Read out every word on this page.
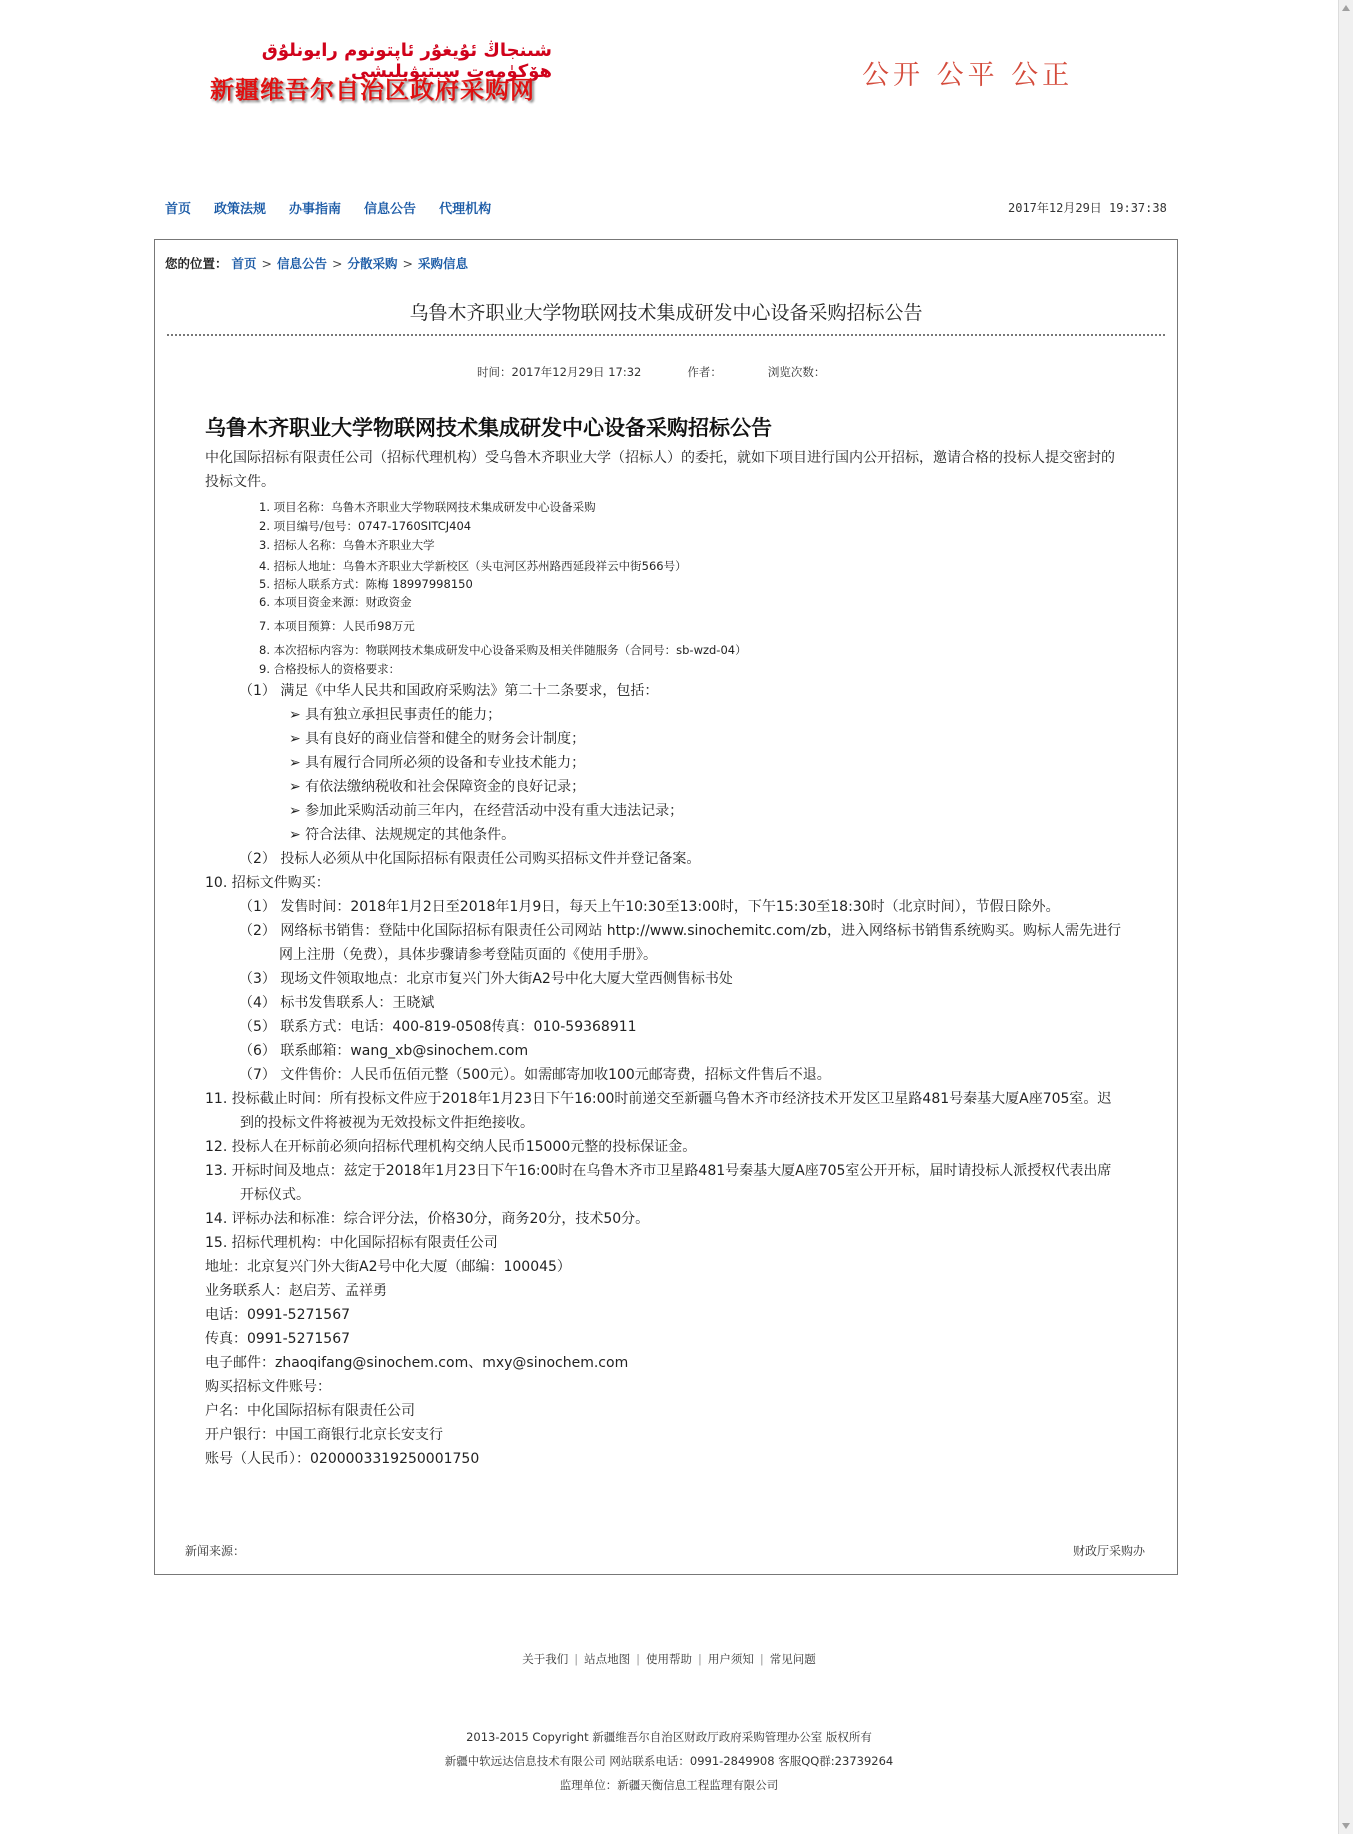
شىنجاڭ ئۇيغۇر ئاپتونوم رايونلۇق ھۆكۈمەت سېتىۋېلىشى
新疆维吾尔自治区政府采购网	公开 公平 公正
首页 政策法规 办事指南 信息公告 代理机构	2017年12月29日 19:37:38
您的位置： 首页 > 信息公告 > 分散采购 > 采购信息
乌鲁木齐职业大学物联网技术集成研发中心设备采购招标公告
时间：2017年12月29日 17:32	作者：	浏览次数：
乌鲁木齐职业大学物联网技术集成研发中心设备采购招标公告
中化国际招标有限责任公司（招标代理机构）受乌鲁木齐职业大学（招标人）的委托，就如下项目进行国内公开招标，邀请合格的投标人提交密封的投标文件。
1. 项目名称：乌鲁木齐职业大学物联网技术集成研发中心设备采购
2. 项目编号/包号：0747-1760SITCJ404
3. 招标人名称：乌鲁木齐职业大学
4. 招标人地址：乌鲁木齐职业大学新校区（头屯河区苏州路西延段祥云中街566号）
5. 招标人联系方式：陈梅 18997998150
6. 本项目资金来源：财政资金
7. 本项目预算：人民币98万元
8. 本次招标内容为：物联网技术集成研发中心设备采购及相关伴随服务（合同号：sb-wzd-04）
9. 合格投标人的资格要求：
（1） 满足《中华人民共和国政府采购法》第二十二条要求，包括：
➢ 具有独立承担民事责任的能力；
➢ 具有良好的商业信誉和健全的财务会计制度；
➢ 具有履行合同所必须的设备和专业技术能力；
➢ 有依法缴纳税收和社会保障资金的良好记录；
➢ 参加此采购活动前三年内，在经营活动中没有重大违法记录；
➢ 符合法律、法规规定的其他条件。
（2） 投标人必须从中化国际招标有限责任公司购买招标文件并登记备案。
10. 招标文件购买：
（1） 发售时间：2018年1月2日至2018年1月9日，每天上午10:30至13:00时，下午15:30至18:30时（北京时间），节假日除外。
（2） 网络标书销售：登陆中化国际招标有限责任公司网站 http://www.sinochemitc.com/zb，进入网络标书销售系统购买。购标人需先进行网上注册（免费），具体步骤请参考登陆页面的《使用手册》。
（3） 现场文件领取地点：北京市复兴门外大街A2号中化大厦大堂西侧售标书处
（4） 标书发售联系人：王晓斌
（5） 联系方式：电话：400-819-0508传真：010-59368911
（6） 联系邮箱：wang_xb@sinochem.com
（7） 文件售价：人民币伍佰元整（500元）。如需邮寄加收100元邮寄费，招标文件售后不退。
11. 投标截止时间：所有投标文件应于2018年1月23日下午16:00时前递交至新疆乌鲁木齐市经济技术开发区卫星路481号秦基大厦A座705室。迟到的投标文件将被视为无效投标文件拒绝接收。
12. 投标人在开标前必须向招标代理机构交纳人民币15000元整的投标保证金。
13. 开标时间及地点：兹定于2018年1月23日下午16:00时在乌鲁木齐市卫星路481号秦基大厦A座705室公开开标，届时请投标人派授权代表出席开标仪式。
14. 评标办法和标准：综合评分法，价格30分，商务20分，技术50分。
15. 招标代理机构：中化国际招标有限责任公司
地址：北京复兴门外大街A2号中化大厦（邮编：100045）
业务联系人：赵启芳、孟祥勇
电话：0991-5271567
传真：0991-5271567
电子邮件：zhaoqifang@sinochem.com、mxy@sinochem.com
购买招标文件账号：
户名：中化国际招标有限责任公司
开户银行：中国工商银行北京长安支行
账号（人民币）：0200003319250001750
新闻来源：	财政厅采购办
关于我们 | 站点地图 | 使用帮助 | 用户须知 | 常见问题
2013-2015 Copyright 新疆维吾尔自治区财政厅政府采购管理办公室 版权所有
新疆中软远达信息技术有限公司 网站联系电话：0991-2849908 客服QQ群:23739264
监理单位：新疆天衡信息工程监理有限公司
